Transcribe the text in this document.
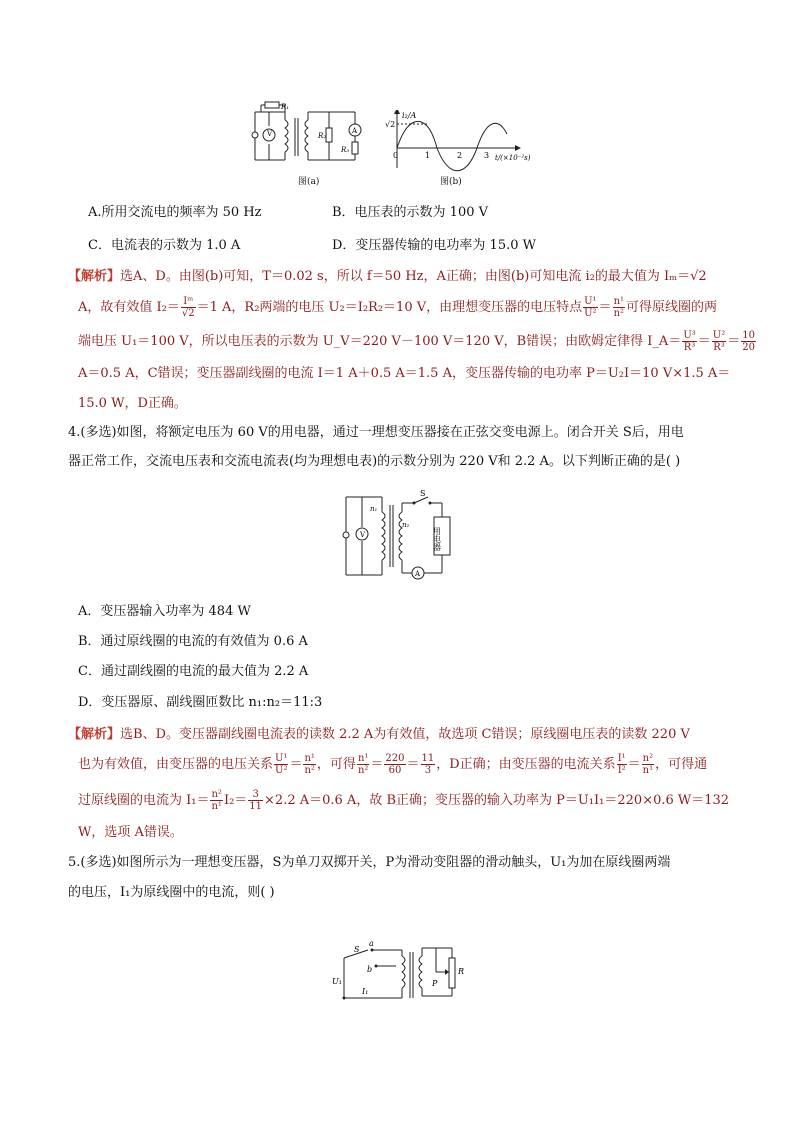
V	A
R₁
R₂
R₃
图(a)
i₂/A
√2
0	1	2	3 t/(×10⁻²s)
图(b)
A.所用交流电的频率为 50 Hz	B．电压表的示数为 100 V
C．电流表的示数为 1.0 A	D．变压器传输的电功率为 15.0 W
【解析】选A、D。由图(b)可知，T＝0.02 s，所以 f＝50 Hz，A正确；由图(b)可知电流 i₂的最大值为 Iₘ＝√2
A，故有效值 $I_2= \frac{\text{Iᵐ}}{√2} =1$ A，R₂两端的电压 U₂＝I₂R₂＝10 V，由理想变压器的电压特点 $\frac{\text{U¹}}{\text{U²}} = \frac{\text{n¹}}{\text{n²}}$ 可得原线圈的两
端电压 U₁＝100 V，所以电压表的示数为 U_V＝220 V－100 V＝120 V，B错误；由欧姆定律得 I_A＝ $\frac{\text{U³}}{\text{R³}} = \frac{\text{U²}}{\text{R³}} = \frac{10}{20}$
A＝0.5 A，C错误；变压器副线圈的电流 I＝1 A＋0.5 A＝1.5 A，变压器传输的电功率 P＝U₂I＝10 V×1.5 A＝
15.0 W，D正确。
4.(多选)如图，将额定电压为 60 V的用电器，通过一理想变压器接在正弦交变电源上。闭合开关 S后，用电
器正常工作，交流电压表和交流电流表(均为理想电表)的示数分别为 220 V和 2.2 A。以下判断正确的是( )
V
A
n₁
n₂
S
用电器
A．变压器输入功率为 484 W
B．通过原线圈的电流的有效值为 0.6 A
C．通过副线圈的电流的最大值为 2.2 A
D．变压器原、副线圈匝数比 n₁:n₂＝11:3
【解析】选B、D。变压器副线圈电流表的读数 2.2 A为有效值，故选项 C错误；原线圈电压表的读数 220 V
也为有效值，由变压器的电压关系 $\frac{\text{U¹}}{\text{U²}} = \frac{\text{n¹}}{\text{n²}}$ ，可得 $\frac{\text{n¹}}{\text{n²}} = \frac{220}{60} = \frac{11}{3}$ ，D正确；由变压器的电流关系 $\frac{\text{I¹}}{\text{I²}} = \frac{\text{n²}}{\text{n¹}}$ ，可得通
过原线圈的电流为 $I_1= \frac{\text{n²}}{\text{n¹}} I_2= \frac{3}{11} \times 2.2$ A＝0.6 A，故 B正确；变压器的输入功率为 P＝U₁I₁＝220×0.6 W＝132
W，选项 A错误。
5.(多选)如图所示为一理想变压器，S为单刀双掷开关，P为滑动变阻器的滑动触头，U₁为加在原线圈两端
的电压，I₁为原线圈中的电流，则( )
S
a
b
U₁
I₁
P
R
